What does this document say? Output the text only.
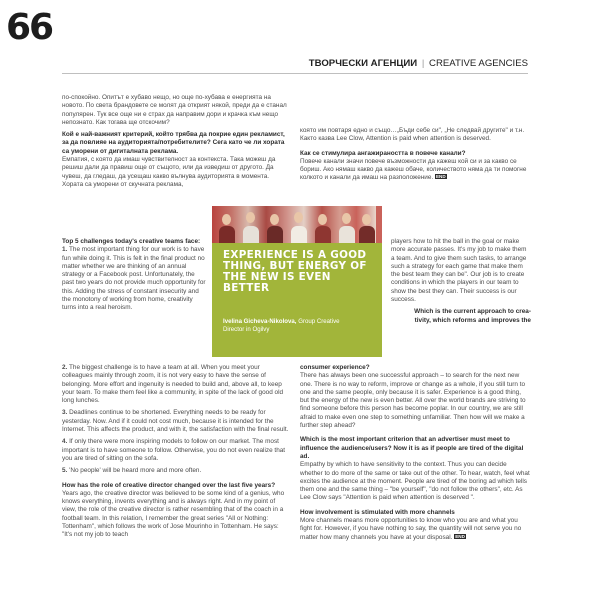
66
ТВОРЧЕСКИ АГЕНЦИИ | CREATIVE AGENCIES

по-спокойно. Опитът е хубаво нещо, но още по-хубава е енергията на новото. По света брандовете се молят да открият някой, преди да е станал популярен. Тук все още ни е страх да направим дори и крачка към нещо непознато. Как тогава ще отскочим?

Кой е най-важният критерий, който трябва да покрие един рекламист, за да повлияе на аудиторията/потребителите? Сега като че ли хората са уморени от дигиталната реклама.

Емпатия, с която да имаш чувствителност за контекста. Така можеш да решиш дали да правиш още от същото, или да изведиш от другото. Да чувеш, да гледаш, да усещаш какво вълнува аудиторията в момента. Хората са уморени от скучната реклама,

която им повтаря едно и също…„Бъди себе си", „Не следвай другите" и т.н. Както казва Lee Clow, Attention is paid when attention is deserved.

Как се стимулира ангажираността в повече канали?

Повече канали значи повече възможности да кажеш кой си и за какво се бориш. Ако нямаш какво да кажеш обаче, количеството няма да ти помогне колкото и канали да имаш на разположение. END

EXPERIENCE IS A GOOD THING, BUT ENERGY OF THE NEW IS EVEN BETTER
Ivelina Gicheva-Nikolova, Group Creative
Director in Ogilvy

Top 5 challenges today's creative teams face:

1. The most important thing for our work is to have fun while doing it. This is felt in the final product no matter whether we are thinking of an annual strategy or a Facebook post. Unfortunately, the past two years do not provide much opportunity for this. Adding the stress of constant insecurity and the monotony of working from home, creativity turns into a real heroism.

2. The biggest challenge is to have a team at all. When you meet your colleagues mainly through zoom, it is not very easy to have the sense of belonging. More effort and ingenuity is needed to build and, above all, to keep your team. To make them feel like a community, in spite of the lack of good old long lunches.

3. Deadlines continue to be shortened. Everything needs to be ready for yesterday. Now. And if it could not cost much, because it is intended for the Internet. This affects the product, and with it, the satisfaction with the final result.

4. If only there were more inspiring models to follow on our market. The most important is to have someone to follow. Otherwise, you do not even realize that you are tired of sitting on the sofa.

5. 'No people' will be heard more and more often.

How has the role of creative director changed over the last five years?

Years ago, the creative director was believed to be some kind of a genius, who knows everything, invents everything and is always right. And in my point of view, the role of the creative director is rather resembling that of the coach in a football team. In this relation, I remember the great series "All or Nothing: Tottenham", which follows the work of Jose Mourinho in Tottenham. He says: "It's not my job to teach

players how to hit the ball in the goal or make more accurate passes. It's my job to make them a team. And to give them such tasks, to arrange such a strategy for each game that make them the best team they can be". Our job is to create conditions in which the players in our team to show the best they can. Their success is our success.

Which is the current approach to crea-
tivity, which reforms and improves the

consumer experience?

There has always been one successful approach – to search for the next new one. There is no way to reform, improve or change as a whole, if you still turn to one and the same people, only because it is safer. Experience is a good thing, but the energy of the new is even better. All over the world brands are striving to find someone before this person has become poplar. In our country, we are still afraid to make even one step to something unfamiliar. Then how will we make a further step ahead?

Which is the most important criterion that an advertiser must meet to influence the audience/users? Now it is as if people are tired of the digital ad.

Empathy by which to have sensitivity to the context. Thus you can decide whether to do more of the same or take out of the other. To hear, watch, feel what excites the audience at the moment. People are tired of the boring ad which tells them one and the same thing – "be yourself", "do not follow the others", etc. As Lee Clow says "Attention is paid when attention is deserved ".

How involvement is stimulated with more channels

More channels means more opportunities to know who you are and what you fight for. However, if you have nothing to say, the quantity will not serve you no matter how many channels you have at your disposal. END
